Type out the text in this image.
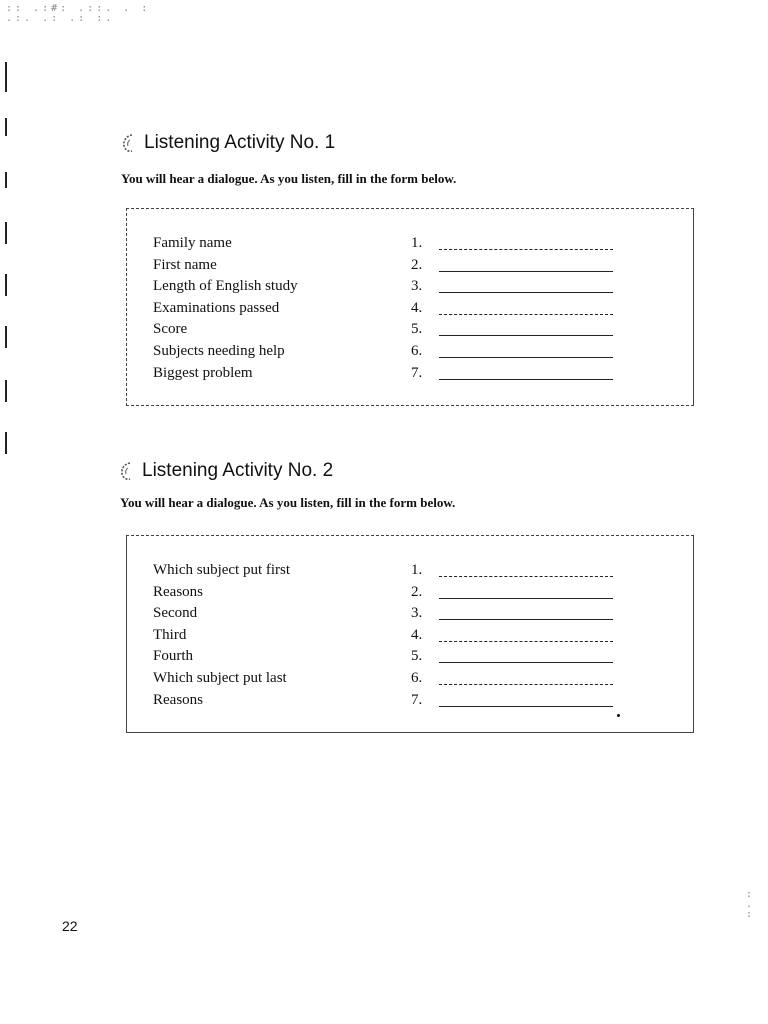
:: .:#: .::. . :
.:. .: .: :.
Listening Activity No. 1
You will hear a dialogue. As you listen, fill in the form below.
Family name	1.
First name	2.
Length of English study	3.
Examinations passed	4.
Score	5.
Subjects needing help	6.
Biggest problem	7.
Listening Activity No. 2
You will hear a dialogue. As you listen, fill in the form below.
Which subject put first	1.
Reasons	2.
Second	3.
Third	4.
Fourth	5.
Which subject put last	6.
Reasons	7.
22
:
.
:
